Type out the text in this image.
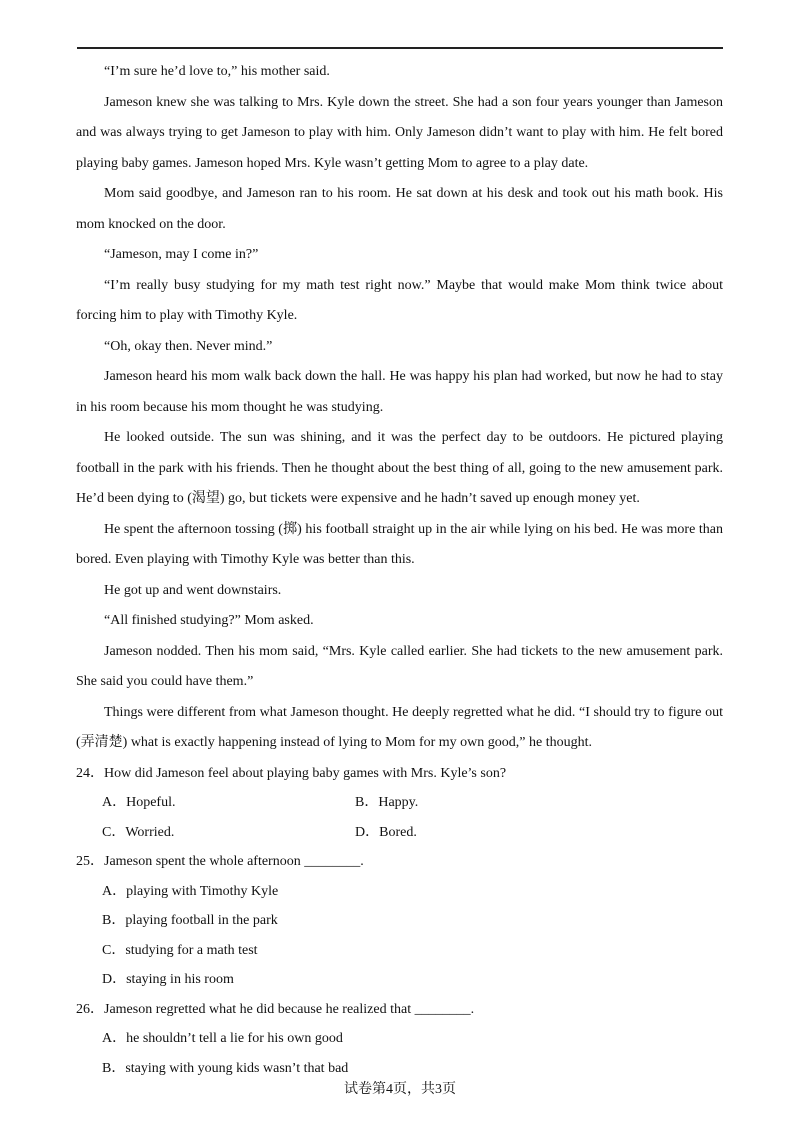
“I’m sure he’d love to,” his mother said.

Jameson knew she was talking to Mrs. Kyle down the street. She had a son four years younger than Jameson and was always trying to get Jameson to play with him. Only Jameson didn’t want to play with him. He felt bored playing baby games. Jameson hoped Mrs. Kyle wasn’t getting Mom to agree to a play date.

Mom said goodbye, and Jameson ran to his room. He sat down at his desk and took out his math book. His mom knocked on the door.

“Jameson, may I come in?”

“I’m really busy studying for my math test right now.” Maybe that would make Mom think twice about forcing him to play with Timothy Kyle.

“Oh, okay then. Never mind.”

Jameson heard his mom walk back down the hall. He was happy his plan had worked, but now he had to stay in his room because his mom thought he was studying.

He looked outside. The sun was shining, and it was the perfect day to be outdoors. He pictured playing football in the park with his friends. Then he thought about the best thing of all, going to the new amusement park. He’d been dying to (渴望) go, but tickets were expensive and he hadn’t saved up enough money yet.

He spent the afternoon tossing (掷) his football straight up in the air while lying on his bed. He was more than bored. Even playing with Timothy Kyle was better than this.

He got up and went downstairs.

“All finished studying?” Mom asked.

Jameson nodded. Then his mom said, “Mrs. Kyle called earlier. She had tickets to the new amusement park. She said you could have them.”

Things were different from what Jameson thought. He deeply regretted what he did. “I should try to figure out (弄清楚) what is exactly happening instead of lying to Mom for my own good,” he thought.

24．How did Jameson feel about playing baby games with Mrs. Kyle’s son?

A．Hopeful.	B．Happy.
C．Worried.	D．Bored.

25．Jameson spent the whole afternoon ________.

A．playing with Timothy Kyle
B．playing football in the park
C．studying for a math test
D．staying in his room

26．Jameson regretted what he did because he realized that ________.

A．he shouldn’t tell a lie for his own good
B．staying with young kids wasn’t that bad
试卷第4页，共3页
